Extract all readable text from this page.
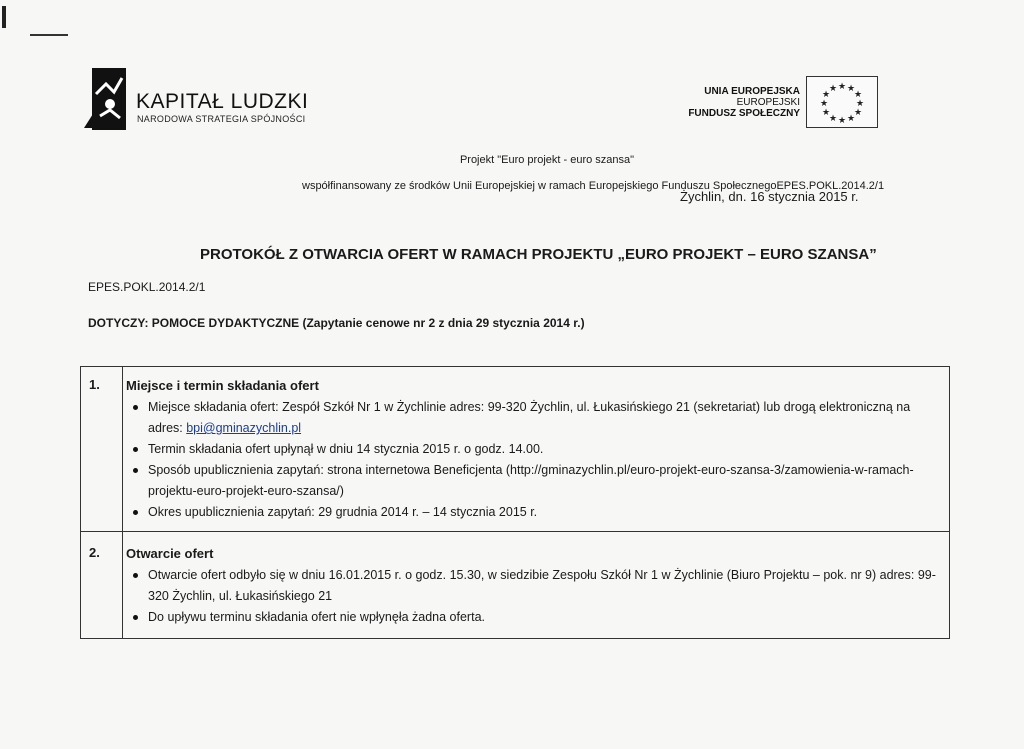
KAPITAŁ LUDZKI
NARODOWA STRATEGIA SPÓJNOŚCI
UNIA EUROPEJSKA
EUROPEJSKI
FUNDUSZ SPOŁECZNY
★ ★
★
★
★
★
★
★
★
★
★
★
Projekt "Euro projekt - euro szansa"
współfinansowany ze środków Unii Europejskiej w ramach Europejskiego Funduszu SpołecznegoEPES.POKL.2014.2/1
Żychlin, dn. 16 stycznia 2015 r.
PROTOKÓŁ Z OTWARCIA OFERT W RAMACH PROJEKTU „EURO PROJEKT – EURO SZANSA”
EPES.POKL.2014.2/1
DOTYCZY: POMOCE DYDAKTYCZNE (Zapytanie cenowe nr 2 z dnia 29 stycznia 2014 r.)
1. Miejsce i termin składania ofert
Miejsce składania ofert: Zespół Szkół Nr 1 w Żychlinie adres: 99-320 Żychlin, ul. Łukasińskiego 21 (sekretariat) lub drogą elektroniczną na adres: bpi@gminazychlin.pl
Termin składania ofert upłynął w dniu 14 stycznia 2015 r. o godz. 14.00.
Sposób upublicznienia zapytań: strona internetowa Beneficjenta (http://gminazychlin.pl/euro-projekt-euro-szansa-3/zamowienia-w-ramach-projektu-euro-projekt-euro-szansa/)
Okres upublicznienia zapytań: 29 grudnia 2014 r. – 14 stycznia 2015 r.
2. Otwarcie ofert
Otwarcie ofert odbyło się w dniu 16.01.2015 r. o godz. 15.30, w siedzibie Zespołu Szkół Nr 1 w Żychlinie (Biuro Projektu – pok. nr 9) adres: 99-320 Żychlin, ul. Łukasińskiego 21
Do upływu terminu składania ofert nie wpłynęła żadna oferta.
